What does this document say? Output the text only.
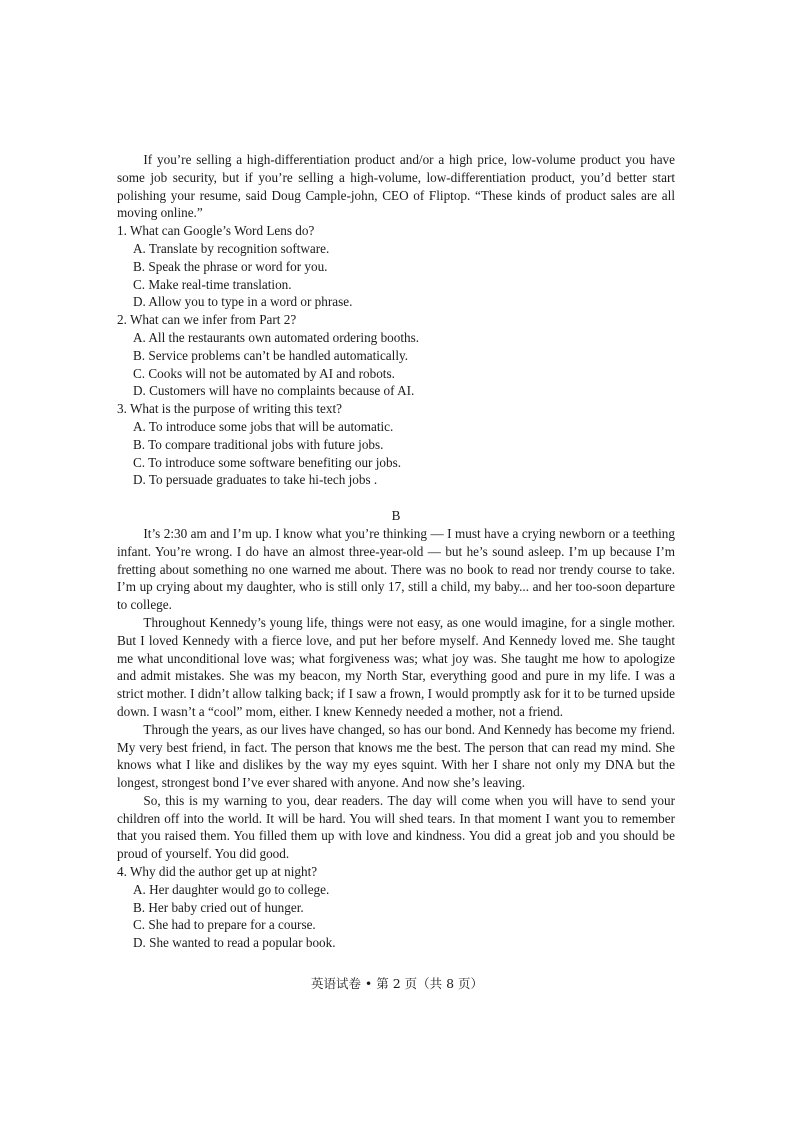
If you’re selling a high-differentiation product and/or a high price, low-volume product you have some job security, but if you’re selling a high-volume, low-differentiation product, you’d better start polishing your resume, said Doug Cample-john, CEO of Fliptop. “These kinds of product sales are all moving online.”

1. What can Google’s Word Lens do?

A. Translate by recognition software.

B. Speak the phrase or word for you.

C. Make real-time translation.

D. Allow you to type in a word or phrase.

2. What can we infer from Part 2?

A. All the restaurants own automated ordering booths.

B. Service problems can’t be handled automatically.

C. Cooks will not be automated by AI and robots.

D. Customers will have no complaints because of AI.

3. What is the purpose of writing this text?

A. To introduce some jobs that will be automatic.

B. To compare traditional jobs with future jobs.

C. To introduce some software benefiting our jobs.

D. To persuade graduates to take hi-tech jobs .

B

It’s 2:30 am and I’m up. I know what you’re thinking — I must have a crying newborn or a teething infant. You’re wrong. I do have an almost three-year-old — but he’s sound asleep. I’m up because I’m fretting about something no one warned me about. There was no book to read nor trendy course to take. I’m up crying about my daughter, who is still only 17, still a child, my baby... and her too-soon departure to college.

Throughout Kennedy’s young life, things were not easy, as one would imagine, for a single mother. But I loved Kennedy with a fierce love, and put her before myself. And Kennedy loved me. She taught me what unconditional love was; what forgiveness was; what joy was. She taught me how to apologize and admit mistakes. She was my beacon, my North Star, everything good and pure in my life. I was a strict mother. I didn’t allow talking back; if I saw a frown, I would promptly ask for it to be turned upside down. I wasn’t a “cool” mom, either. I knew Kennedy needed a mother, not a friend.

Through the years, as our lives have changed, so has our bond. And Kennedy has become my friend. My very best friend, in fact. The person that knows me the best. The person that can read my mind. She knows what I like and dislikes by the way my eyes squint. With her I share not only my DNA but the longest, strongest bond I’ve ever shared with anyone. And now she’s leaving.

So, this is my warning to you, dear readers. The day will come when you will have to send your children off into the world. It will be hard. You will shed tears. In that moment I want you to remember that you raised them. You filled them up with love and kindness. You did a great job and you should be proud of yourself. You did good.

4. Why did the author get up at night?

A. Her daughter would go to college.

B. Her baby cried out of hunger.

C. She had to prepare for a course.

D. She wanted to read a popular book.

英语试卷 • 第 2 页（共 8 页）
